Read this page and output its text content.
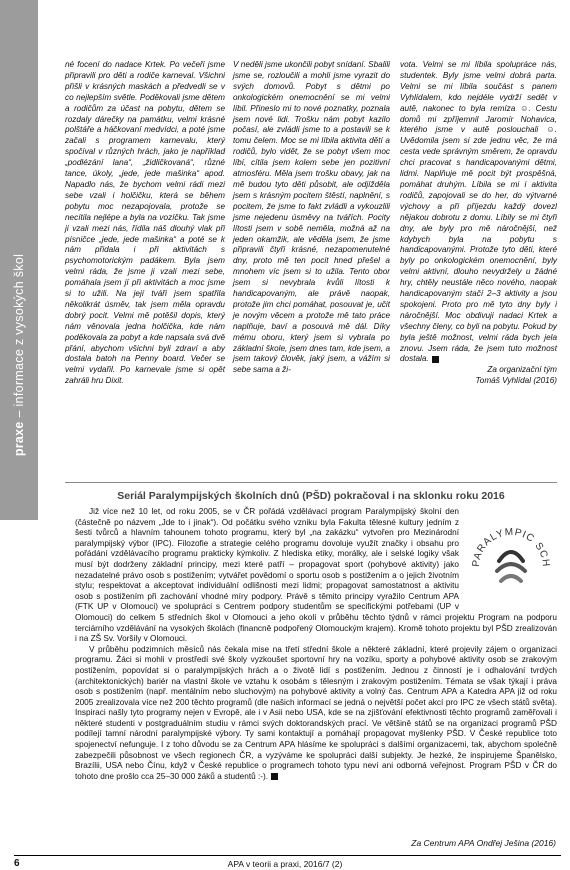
praxe – informace z vysokých škol

né focení do nadace Krtek. Po večeři jsme připravili pro děti a rodiče karneval. Všichni přišli v krásných maskách a předvedli se v co nejlepším světle. Poděkovali jsme dětem a rodičům za účast na pobytu, dětem se rozdaly dárečky na památku, velmi krásné polštáře a háčkovaní medvídci, a poté jsme začali s programem karnevalu, který spočíval v různých hrách, jako je například „podlézání lana“, „židličkovaná“, různé tance, úkoly, „jede, jede mašinka“ apod. Napadlo nás, že bychom velmi rádi mezi sebe vzali i holčičku, která se během pobytu moc nezapojovala, protože se necítila nejlépe a byla na vozíčku. Tak jsme ji vzali mezi nás, řídila náš dlouhý vlak při písničce „jede, jede mašinka“ a poté se k nám přidala i při aktivitách s psychomotorickým padákem. Byla jsem velmi ráda, že jsme ji vzali mezi sebe, pomáhala jsem jí při aktivitách a moc jsme si to užili. Na její tváři jsem spatřila několikrát úsměv, tak jsem měla opravdu dobrý pocit. Velmi mě potěšil dopis, který nám věnovala jedna holčička, kde nám poděkovala za pobyt a kde napsala svá dvě přání, abychom všichni byli zdraví a aby dostala batoh na Penny board. Večer se velmi vydařil. Po karnevale jsme si opět zahráli hru Dixit.

V neděli jsme ukončili pobyt snídaní. Sbalili jsme se, rozloučili a mohli jsme vyrazit do svých domovů. Pobyt s dětmi po onkologickém onemocnění se mi velmi líbil. Přineslo mi to nové poznatky, poznala jsem nové lidi. Trošku nám pobyt kazilo počasí, ale zvládli jsme to a postavili se k tomu čelem. Moc se mi líbila aktivita dětí a rodičů, bylo vidět, že se pobyt všem moc líbí, cítila jsem kolem sebe jen pozitivní atmosféru. Měla jsem trošku obavy, jak na mě budou tyto děti působit, ale odjížděla jsem s krásným pocitem štěstí, naplnění, s pocitem, že jsme to fakt zvládli a vykouzlili jsme nejedenu úsměvy na tvářích. Pocity lítosti jsem v sobě neměla, možná až na jeden okamžik, ale věděla jsem, že jsme připravili čtyři krásné, nezapomenutelné dny, proto mě ten pocit hned přešel a mnohem víc jsem si to užila. Tento obor jsem si nevybrala kvůli lítosti k handicapovaným, ale právě naopak, protože jim chci pomáhat, posouvat je, učit je novým věcem a protože mě tato práce naplňuje, baví a posouvá mě dál. Díky mému oboru, který jsem si vybrala po základní škole, jsem dnes tam, kde jsem, a jsem takový člověk, jaký jsem, a vážím si sebe sama a ži-

vota. Velmi se mi líbila spolupráce nás, studentek. Byly jsme velmi dobrá parta. Velmi se mi líbila součást s panem Vyhlídalem, kdo nejdéle vydrží sedět v autě, nakonec to byla remíza ☺. Cestu domů mi zpříjemnil Jaromír Nohavica, kterého jsme v autě poslouchali ☺. Uvědomila jsem si zde jednu věc, že má cesta vede správným směrem, že opravdu chci pracovat s handicapovanými dětmi, lidmi. Naplňuje mě pocit být prospěšná, pomáhat druhým. Líbila se mi i aktivita rodičů, zapojovali se do her, do výtvarné výchovy a při příjezdu každý dovezl nějakou dobrotu z domu. Líbily se mi čtyři dny, ale byly pro mě náročnější, než kdybych byla na pobytu s handicapovanými. Protože tyto děti, které byly po onkologickém onemocnění, byly velmi aktivní, dlouho nevydržely u žádné hry, chtěly neustále něco nového, naopak handicapovaným stačí 2–3 aktivity a jsou spokojeni. Proto pro mě tyto dny byly i náročnější. Moc obdivuji nadaci Krtek a všechny členy, co byli na pobytu. Pokud by byla ještě možnost, velmi ráda bych jela znovu. Jsem ráda, že jsem tuto možnost dostala.

Za organizační tým
Tomáš Vyhlídal (2016)
Seriál Paralympijských školních dnů (PŠD) pokračoval i na sklonku roku 2016
PARALYMPIC SCH

Již více než 10 let, od roku 2005, se v ČR pořádá vzdělávací program Paralympijský školní den (částečně po názvem „Jde to i jinak“). Od počátku svého vzniku byla Fakulta tělesné kultury jedním z šesti tvůrců a hlavním tahounem tohoto programu, který byl „na zakázku“ vytvořen pro Mezinárodní paralympijský výbor (IPC). Filozofie a strategie celého programu dovoluje využít značky i obsahu pro pořádání vzdělávacího programu prakticky kýmkoliv. Z hlediska etiky, morálky, ale i selské logiky však musí být dodrženy základní principy, mezi které patří – propagovat sport (pohybové aktivity) jako nezadatelné právo osob s postižením; vytvářet povědomí o sportu osob s postižením a o jejich životním stylu; respektovat a akceptovat individuální odlišnosti mezi lidmi; propagovat samostatnost a aktivitu osob s postižením při zachování vhodné míry podpory. Právě s těmito principy vyražilo Centrum APA (FTK UP v Olomouci) ve spolupráci s Centrem podpory studentům se specifickými potřebami (UP v Olomouci) do celkem 5 středních škol v Olomouci a jeho okolí v průběhu těchto týdnů v rámci projektu Program na podporu terciárního vzdělávání na vysokých školách (financně podpořený Olomouckým krajem). Kromě tohoto projektu byl PŠD zrealizován i na ZŠ Sv. Voršily v Olomouci.

V průběhu podzimních měsíců nás čekala mise na třetí střední škole a některé základní, které projevily zájem o organizaci programu. Žáci si mohli v prostředí své školy vyzkoušet sportovní hry na vozíku, sporty a pohybové aktivity osob se zrakovým postižením, popovídat si o paralympijských hrách a o životě lidí s postižením. Jednou z činností je i odhalování tvrdých (architektonických) bariér na vlastní škole ve vztahu k osobám s tělesným i zrakovým postižením. Témata se však týkají i práva osob s postižením (např. mentálním nebo sluchovým) na pohybové aktivity a volný čas. Centrum APA a Katedra APA již od roku 2005 zrealizovala více než 200 těchto programů (dle našich informací se jedná o největší počet akcí pro IPC ze všech států světa). Inspiraci našly tyto programy nejen v Evropě, ale i v Asii nebo USA, kde se na zjišťování efektivnosti těchto programů zaměřovali i některé studenti v postgraduálním studiu v rámci svých doktorandských prací. Ve většině států se na organizaci programů PŠD podílejí tamní národní paralympijské výbory. Ty sami kontaktují a pomáhají propagovat myšlenky PŠD. V České republice toto spojenectví nefunguje. I z toho důvodu se za Centrum APA hlásíme ke spolupráci s dalšími organizacemi, tak, abychom společně zabezpečili působnost ve všech regionech ČR, a vyzýváme ke spolupráci další subjekty. Je hezké, že inspirujeme Španělsko, Brazílii, USA nebo Čínu, když v České republice o programech tohoto typu neví ani odborná veřejnost. Program PŠD v ČR do tohoto dne prošlo cca 25–30 000 žáků a studentů :-).

Za Centrum APA Ondřej Ješina (2016)
6	APA v teorii a praxi, 2016/7 (2)
